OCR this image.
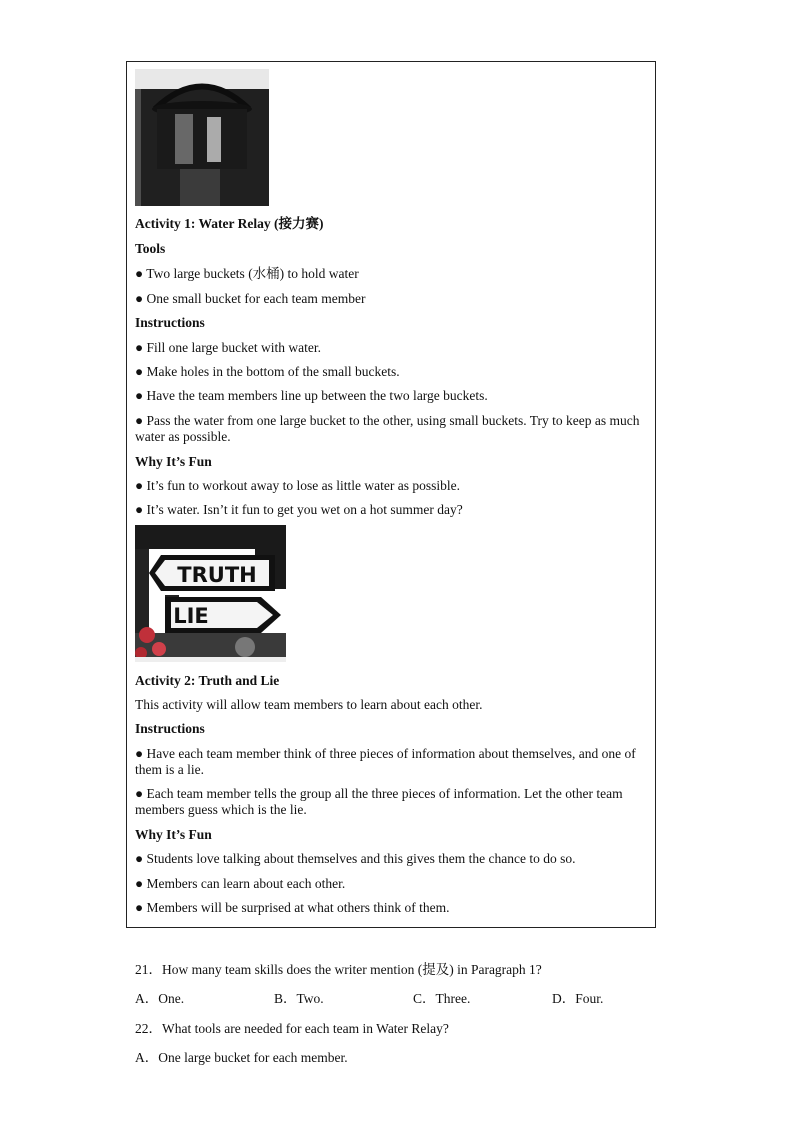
Activity 1: Water Relay (接力赛)
Tools
● Two large buckets (水桶) to hold water
● One small bucket for each team member
Instructions
● Fill one large bucket with water.
● Make holes in the bottom of the small buckets.
● Have the team members line up between the two large buckets.
● Pass the water from one large bucket to the other, using small buckets. Try to keep as much water as possible.
Why It’s Fun
● It’s fun to workout away to lose as little water as possible.
● It’s water. Isn’t it fun to get you wet on a hot summer day?
TRUTH
LIE
Activity 2: Truth and Lie
This activity will allow team members to learn about each other.
Instructions
● Have each team member think of three pieces of information about themselves, and one of them is a lie.
● Each team member tells the group all the three pieces of information. Let the other team members guess which is the lie.
Why It’s Fun
● Students love talking about themselves and this gives them the chance to do so.
● Members can learn about each other.
● Members will be surprised at what others think of them.
21．How many team skills does the writer mention (提及) in Paragraph 1?
A．One.	B．Two.	C．Three.	D．Four.
22．What tools are needed for each team in Water Relay?
A．One large bucket for each member.
